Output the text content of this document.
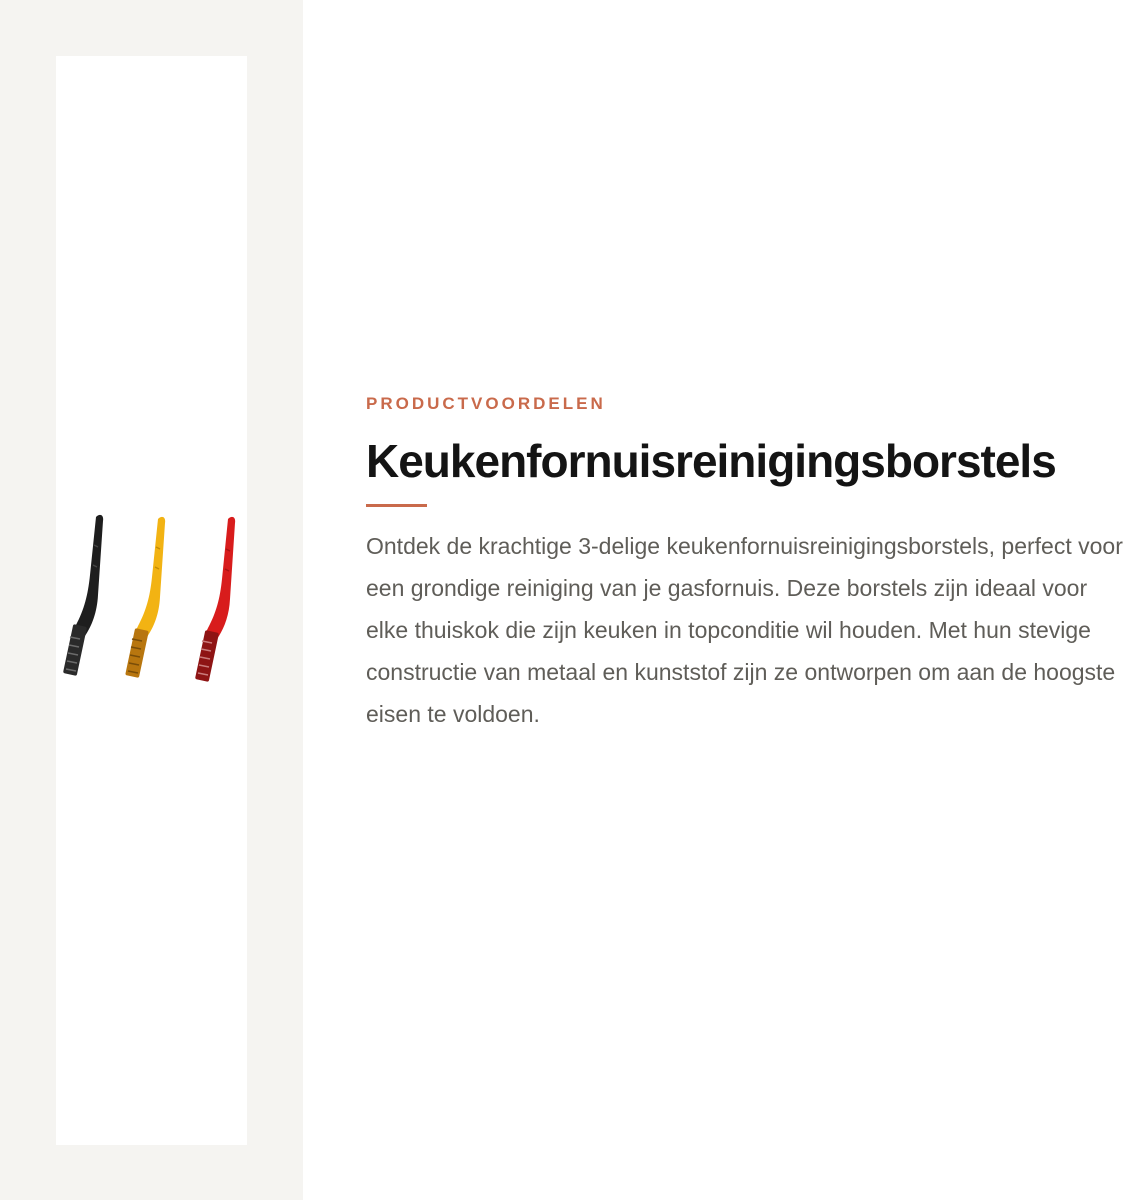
PRODUCTVOORDELEN

Keukenfornuisreinigingsborstels

Ontdek de krachtige 3-delige keukenfornuisreinigingsborstels, perfect voor een grondige reiniging van je gasfornuis. Deze borstels zijn ideaal voor elke thuiskok die zijn keuken in topconditie wil houden. Met hun stevige constructie van metaal en kunststof zijn ze ontworpen om aan de hoogste eisen te voldoen.
